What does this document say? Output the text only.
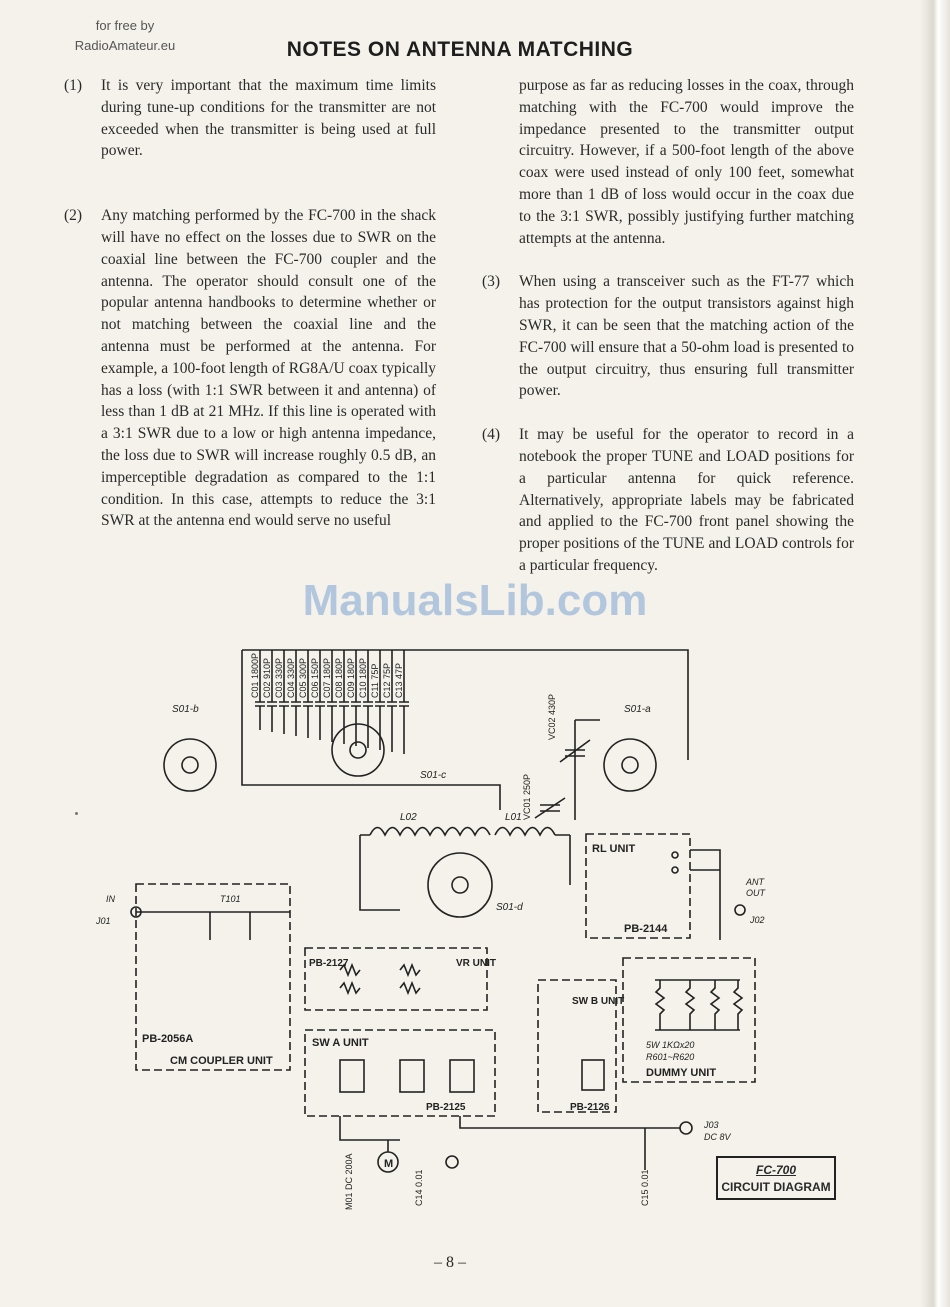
for free by
RadioAmateur.eu	NOTES ON ANTENNA MATCHING

(1) It is very important that the maximum time limits during tune-up conditions for the transmitter are not exceeded when the transmitter is being used at full power.

(2) Any matching performed by the FC-700 in the shack will have no effect on the losses due to SWR on the coaxial line between the FC-700 coupler and the antenna. The operator should consult one of the popular antenna handbooks to determine whether or not matching between the coaxial line and the antenna must be performed at the antenna. For example, a 100-foot length of RG8A/U coax typically has a loss (with 1:1 SWR between it and antenna) of less than 1 dB at 21 MHz. If this line is operated with a 3:1 SWR due to a low or high antenna impedance, the loss due to SWR will increase roughly 0.5 dB, an imperceptible degradation as compared to the 1:1 condition. In this case, attempts to reduce the 3:1 SWR at the antenna end would serve no useful

purpose as far as reducing losses in the coax, through matching with the FC-700 would improve the impedance presented to the transmitter output circuitry. However, if a 500-foot length of the above coax were used instead of only 100 feet, somewhat more than 1 dB of loss would occur in the coax due to the 3:1 SWR, possibly justifying further matching attempts at the antenna.

(3) When using a transceiver such as the FT-77 which has protection for the output transistors against high SWR, it can be seen that the matching action of the FC-700 will ensure that a 50-ohm load is presented to the output circuitry, thus ensuring full transmitter power.

(4) It may be useful for the operator to record in a notebook the proper TUNE and LOAD positions for a particular antenna for quick reference. Alternatively, appropriate labels may be fabricated and applied to the FC-700 front panel showing the proper positions of the TUNE and LOAD controls for a particular frequency.

ManualsLib.com
C01 1800P C02 910P C03 330P C04 330P C05 300P C06 150P C07 180P C08 180P C09 180P C10 180P C11 75P C12 75P C13 47P
S01-b
S01-c
S01-a
VC02 430P
VC01 250P
L02	L01
S01-d
RL UNIT
PB-2144
ANT
OUT
J02
IN
J01
T101
PB-2056A
CM COUPLER UNIT
PB-2127	VR UNIT
SW A UNIT
PB-2125
SW B UNIT
PB-2126
DUMMY UNIT
5W 1KΩx20
R601~R620
J03
DC 8V
M
M01 DC 200A	C14 0.01	C15 0.01	FC-700
CIRCUIT DIAGRAM
– 8 –
